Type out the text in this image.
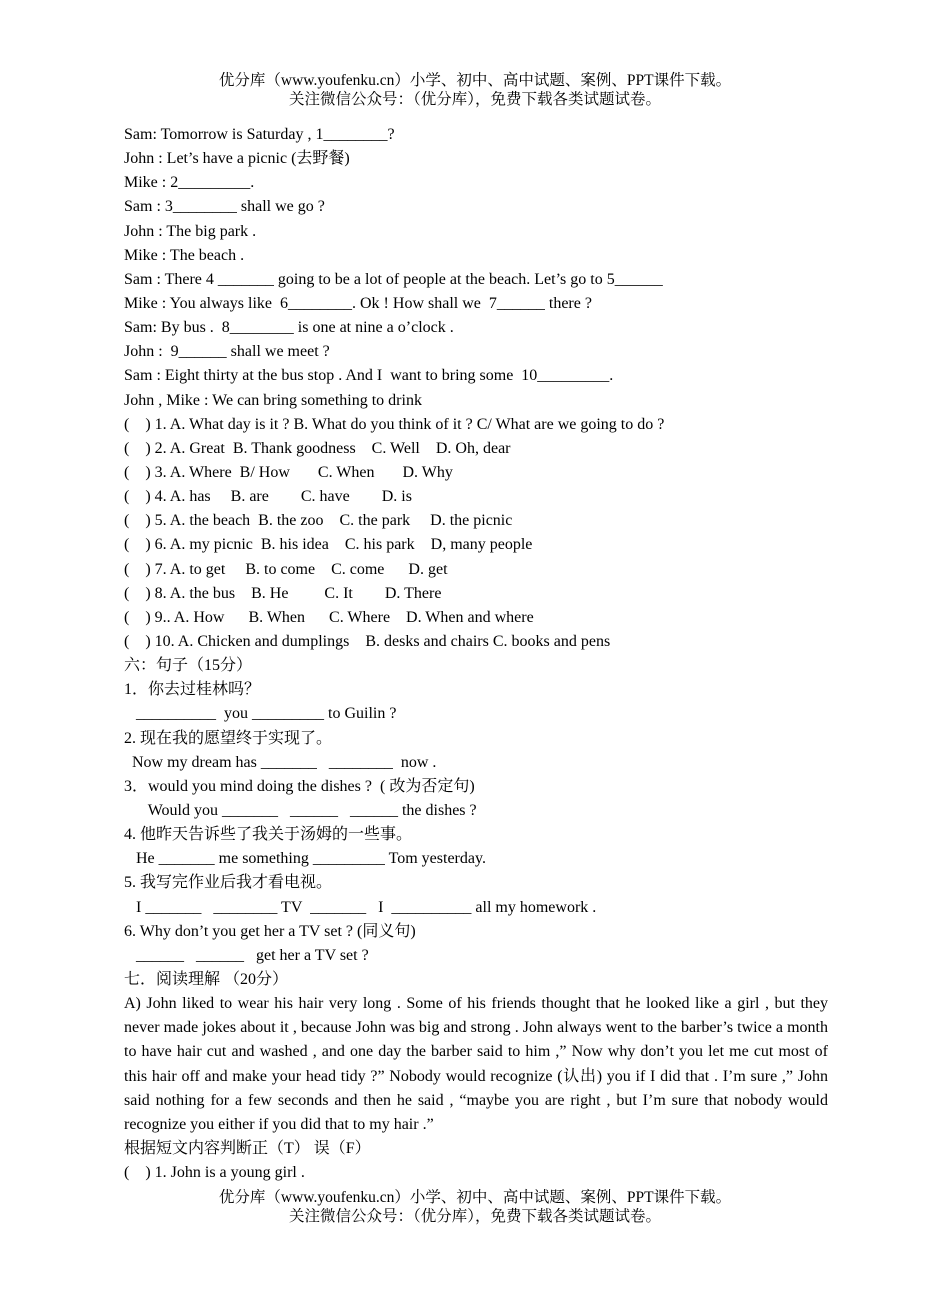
优分库（www.youfenku.cn）小学、初中、高中试题、案例、PPT课件下载。
关注微信公众号：（优分库），免费下载各类试题试卷。
Sam: Tomorrow is Saturday , 1________?
John : Let’s have a picnic (去野餐)
Mike : 2_________.
Sam : 3________ shall we go ?
John : The big park .
Mike : The beach .
Sam : There 4 _______ going to be a lot of people at the beach. Let’s go to 5______
Mike : You always like  6________. Ok ! How shall we  7______ there ?
Sam: By bus .  8________ is one at nine a o’clock .
John :  9______ shall we meet ?
Sam : Eight thirty at the bus stop . And I  want to bring some  10_________.
John , Mike : We can bring something to drink
(    ) 1. A. What day is it ? B. What do you think of it ? C/ What are we going to do ?
(    ) 2. A. Great  B. Thank goodness    C. Well    D. Oh, dear
(    ) 3. A. Where  B/ How       C. When       D. Why
(    ) 4. A. has     B. are        C. have        D. is
(    ) 5. A. the beach  B. the zoo    C. the park     D. the picnic
(    ) 6. A. my picnic  B. his idea    C. his park    D, many people
(    ) 7. A. to get     B. to come    C. come      D. get
(    ) 8. A. the bus    B. He         C. It        D. There
(    ) 9.. A. How      B. When      C. Where    D. When and where
(    ) 10. A. Chicken and dumplings    B. desks and chairs C. books and pens
六：句子（15分）
1．你去过桂林吗？
__________  you _________ to Guilin ?
2. 现在我的愿望终于实现了。
Now my dream has _______   ________  now .
3．would you mind doing the dishes ?  ( 改为否定句)
Would you _______   ______   ______ the dishes ?
4. 他昨天告诉些了我关于汤姆的一些事。
He _______ me something _________ Tom yesterday.
5. 我写完作业后我才看电视。
I _______   ________ TV  _______   I  __________ all my homework .
6. Why don’t you get her a TV set ? (同义句)
______   ______   get her a TV set ?
七．阅读理解 （20分）
A) John liked to wear his hair very long . Some of his friends thought that he looked like a girl , but they never made jokes about it , because John was big and strong . John always went to the barber’s twice a month to have hair cut and washed , and one day the barber said to him ,” Now why don’t you let me cut most of this hair off and make your head tidy ?” Nobody would recognize (认出) you if I did that . I’m sure ,” John said nothing for a few seconds and then he said , “maybe you are right , but I’m sure that nobody would recognize you either if you did that to my hair .”
根据短文内容判断正（T） 误（F）
(    ) 1. John is a young girl .
优分库（www.youfenku.cn）小学、初中、高中试题、案例、PPT课件下载。
关注微信公众号：（优分库），免费下载各类试题试卷。
